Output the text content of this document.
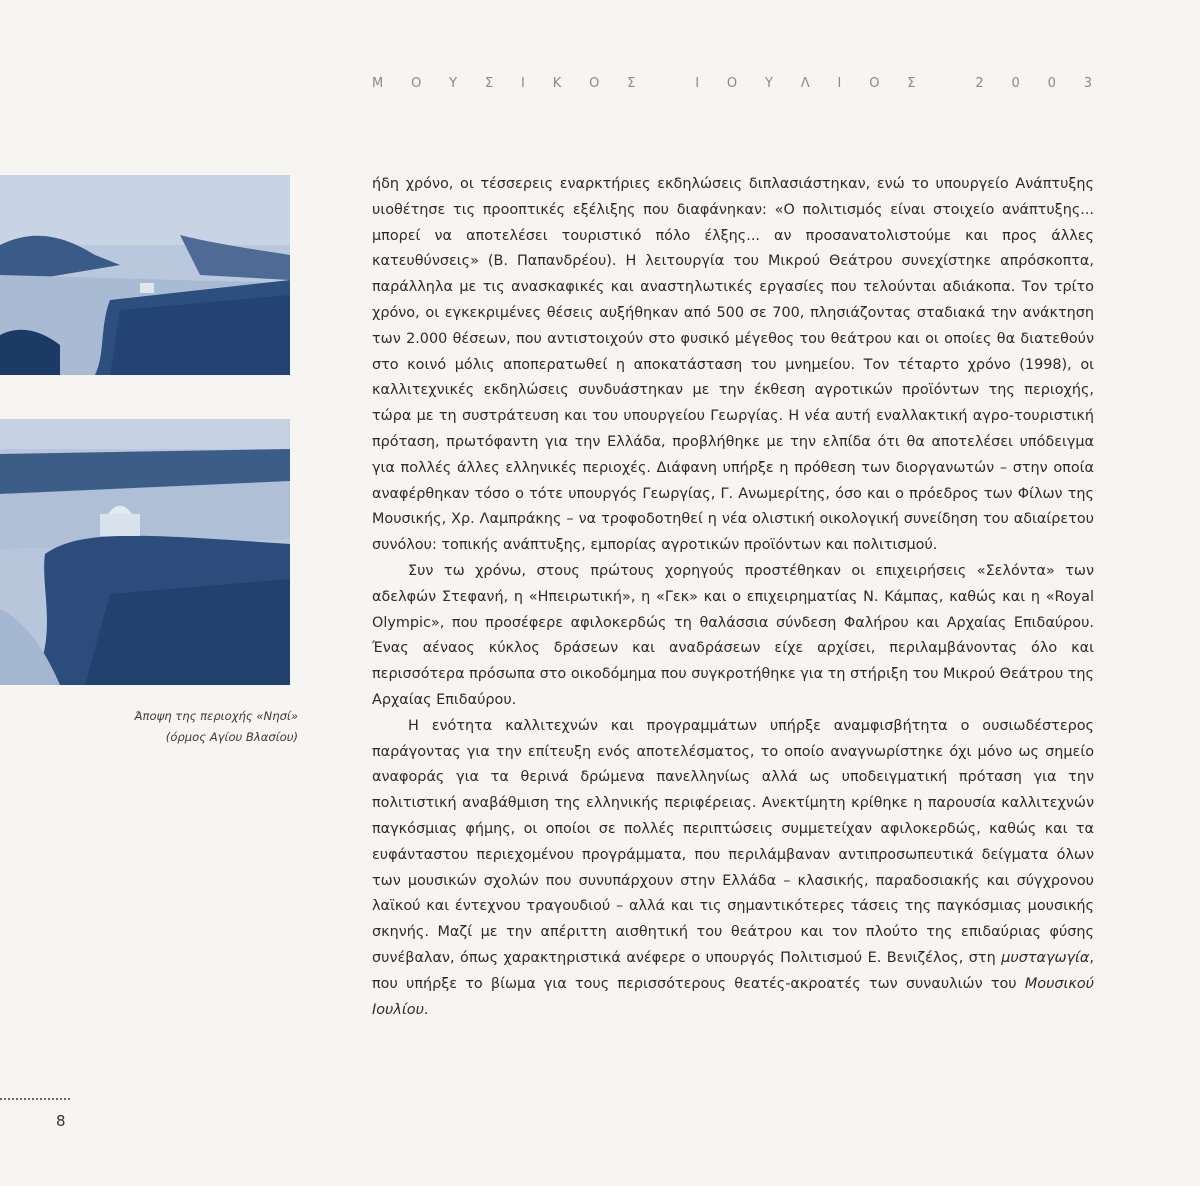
Μ Ο Υ Σ Ι Κ Ο Σ
	Ι Ο Υ Λ Ι Ο Σ
	2 0 0 3
Άποψη της περιοχής «Νησί»
(όρμος Αγίου Βλασίου)

ήδη χρόνο, οι τέσσερεις εναρκτήριες εκδηλώσεις διπλασιάστηκαν, ενώ το υπουργείο Ανάπτυξης υιοθέτησε τις προοπτικές εξέλιξης που διαφάνηκαν: «Ο πολιτισμός είναι στοιχείο ανάπτυξης... μπορεί να αποτελέσει τουριστικό πόλο έλξης... αν προσανατολιστούμε και προς άλλες κατευθύνσεις» (Β. Παπανδρέου). Η λειτουργία του Μικρού Θεάτρου συνεχίστηκε απρόσκοπτα, παράλληλα με τις ανασκαφικές και αναστηλωτικές εργασίες που τελούνται αδιάκοπα. Τον τρίτο χρόνο, οι εγκεκριμένες θέσεις αυξήθηκαν από 500 σε 700, πλησιάζοντας σταδιακά την ανάκτηση των 2.000 θέσεων, που αντιστοιχούν στο φυσικό μέγεθος του θεάτρου και οι οποίες θα διατεθούν στο κοινό μόλις αποπερατωθεί η αποκατάσταση του μνημείου. Τον τέταρτο χρόνο (1998), οι καλλιτεχνικές εκδηλώσεις συνδυάστηκαν με την έκθεση αγροτικών προϊόντων της περιοχής, τώρα με τη συστράτευση και του υπουργείου Γεωργίας. Η νέα αυτή εναλλακτική αγρο-τουριστική πρόταση, πρωτόφαντη για την Ελλάδα, προβλήθηκε με την ελπίδα ότι θα αποτελέσει υπόδειγμα για πολλές άλλες ελληνικές περιοχές. Διάφανη υπήρξε η πρόθεση των διοργανωτών – στην οποία αναφέρθηκαν τόσο ο τότε υπουργός Γεωργίας, Γ. Ανωμερίτης, όσο και ο πρόεδρος των Φίλων της Μουσικής, Χρ. Λαμπράκης – να τροφοδοτηθεί η νέα ολιστική οικολογική συνείδηση του αδιαίρετου συνόλου: τοπικής ανάπτυξης, εμπορίας αγροτικών προϊόντων και πολιτισμού.

Συν τω χρόνω, στους πρώτους χορηγούς προστέθηκαν οι επιχειρήσεις «Σελόντα» των αδελφών Στεφανή, η «Ηπειρωτική», η «Γεκ» και ο επιχειρηματίας Ν. Κάμπας, καθώς και η «Royal Olympic», που προσέφερε αφιλοκερδώς τη θαλάσσια σύνδεση Φαλήρου και Αρχαίας Επιδαύρου. Ένας αέναος κύκλος δράσεων και αναδράσεων είχε αρχίσει, περιλαμβάνοντας όλο και περισσότερα πρόσωπα στο οικοδόμημα που συγκροτήθηκε για τη στήριξη του Μικρού Θεάτρου της Αρχαίας Επιδαύρου.

Η ενότητα καλλιτεχνών και προγραμμάτων υπήρξε αναμφισβήτητα ο ουσιωδέστερος παράγοντας για την επίτευξη ενός αποτελέσματος, το οποίο αναγνωρίστηκε όχι μόνο ως σημείο αναφοράς για τα θερινά δρώμενα πανελληνίως αλλά ως υποδειγματική πρόταση για την πολιτιστική αναβάθμιση της ελληνικής περιφέρειας. Ανεκτίμητη κρίθηκε η παρουσία καλλιτεχνών παγκόσμιας φήμης, οι οποίοι σε πολλές περιπτώσεις συμμετείχαν αφιλοκερδώς, καθώς και τα ευφάνταστου περιεχομένου προγράμματα, που περιλάμβαναν αντιπροσωπευτικά δείγματα όλων των μουσικών σχολών που συνυπάρχουν στην Ελλάδα – κλασικής, παραδοσιακής και σύγχρονου λαϊκού και έντεχνου τραγουδιού – αλλά και τις σημαντικότερες τάσεις της παγκόσμιας μουσικής σκηνής. Μαζί με την απέριττη αισθητική του θεάτρου και τον πλούτο της επιδαύριας φύσης συνέβαλαν, όπως χαρακτηριστικά ανέφερε ο υπουργός Πολιτισμού Ε. Βενιζέλος, στη μυσταγωγία, που υπήρξε το βίωμα για τους περισσότερους θεατές-ακροατές των συναυλιών του Μουσικού Ιουλίου.

8
